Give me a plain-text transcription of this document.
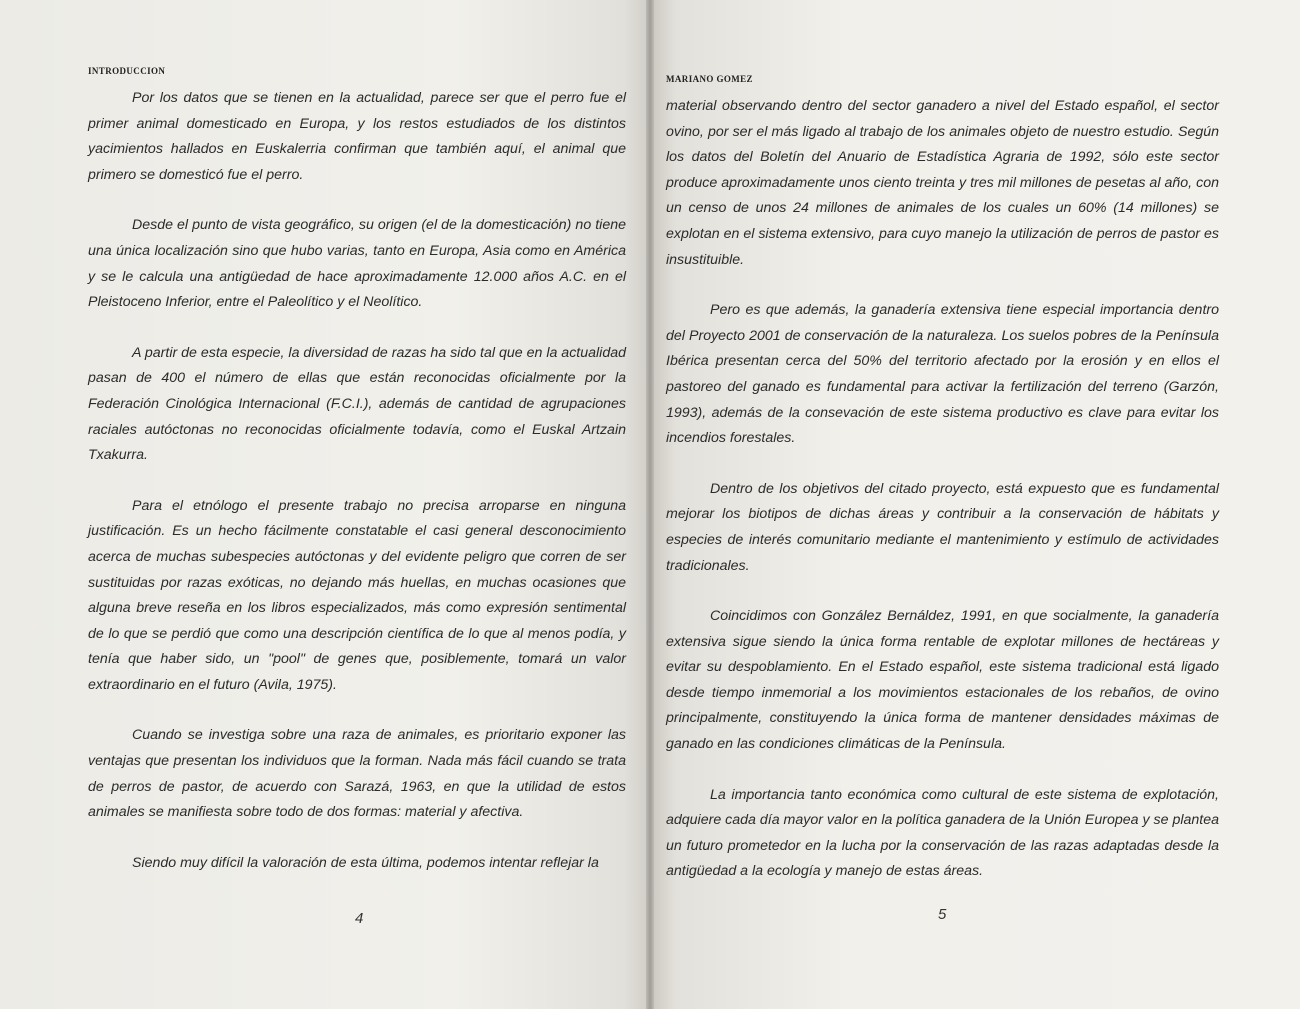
INTRODUCCION

Por los datos que se tienen en la actualidad, parece ser que el perro fue el primer animal domesticado en Europa, y los restos estudiados de los distintos yacimientos hallados en Euskalerria confirman que también aquí, el animal que primero se domesticó fue el perro.

Desde el punto de vista geográfico, su origen (el de la domesticación) no tiene una única localización sino que hubo varias, tanto en Europa, Asia como en América y se le calcula una antigüedad de hace aproximadamente 12.000 años A.C. en el Pleistoceno Inferior, entre el Paleolítico y el Neolítico.

A partir de esta especie, la diversidad de razas ha sido tal que en la actualidad pasan de 400 el número de ellas que están reconocidas oficialmente por la Federación Cinológica Internacional (F.C.I.), además de cantidad de agrupaciones raciales autóctonas no reconocidas oficialmente todavía, como el Euskal Artzain Txakurra.

Para el etnólogo el presente trabajo no precisa arroparse en ninguna justificación. Es un hecho fácilmente constatable el casi general desconocimiento acerca de muchas subespecies autóctonas y del evidente peligro que corren de ser sustituidas por razas exóticas, no dejando más huellas, en muchas ocasiones que alguna breve reseña en los libros especializados, más como expresión sentimental de lo que se perdió que como una descripción científica de lo que al menos podía, y tenía que haber sido, un "pool" de genes que, posiblemente, tomará un valor extraordinario en el futuro (Avila, 1975).

Cuando se investiga sobre una raza de animales, es prioritario exponer las ventajas que presentan los individuos que la forman. Nada más fácil cuando se trata de perros de pastor, de acuerdo con Sarazá, 1963, en que la utilidad de estos animales se manifiesta sobre todo de dos formas: material y afectiva.

Siendo muy difícil la valoración de esta última, podemos intentar reflejar la

4
MARIANO GOMEZ

material observando dentro del sector ganadero a nivel del Estado español, el sector ovino, por ser el más ligado al trabajo de los animales objeto de nuestro estudio. Según los datos del Boletín del Anuario de Estadística Agraria de 1992, sólo este sector produce aproximadamente unos ciento treinta y tres mil millones de pesetas al año, con un censo de unos 24 millones de animales de los cuales un 60% (14 millones) se explotan en el sistema extensivo, para cuyo manejo la utilización de perros de pastor es insustituible.

Pero es que además, la ganadería extensiva tiene especial importancia dentro del Proyecto 2001 de conservación de la naturaleza. Los suelos pobres de la Península Ibérica presentan cerca del 50% del territorio afectado por la erosión y en ellos el pastoreo del ganado es fundamental para activar la fertilización del terreno (Garzón, 1993), además de la consevación de este sistema productivo es clave para evitar los incendios forestales.

Dentro de los objetivos del citado proyecto, está expuesto que es fundamental mejorar los biotipos de dichas áreas y contribuir a la conservación de hábitats y especies de interés comunitario mediante el mantenimiento y estímulo de actividades tradicionales.

Coincidimos con González Bernáldez, 1991, en que socialmente, la ganadería extensiva sigue siendo la única forma rentable de explotar millones de hectáreas y evitar su despoblamiento. En el Estado español, este sistema tradicional está ligado desde tiempo inmemorial a los movimientos estacionales de los rebaños, de ovino principalmente, constituyendo la única forma de mantener densidades máximas de ganado en las condiciones climáticas de la Península.

La importancia tanto económica como cultural de este sistema de explotación, adquiere cada día mayor valor en la política ganadera de la Unión Europea y se plantea un futuro prometedor en la lucha por la conservación de las razas adaptadas desde la antigüedad a la ecología y manejo de estas áreas.

5
